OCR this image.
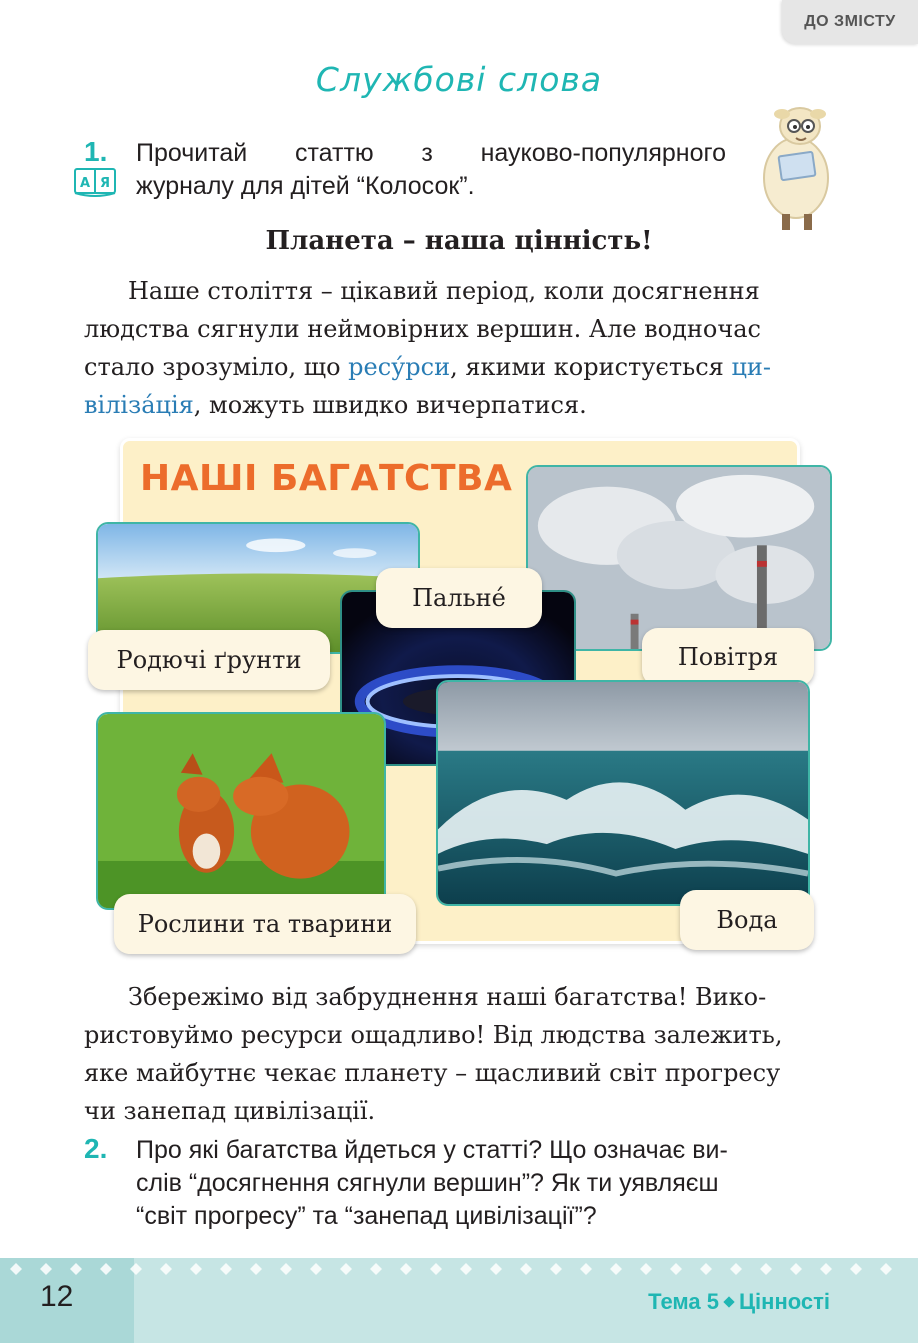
ДО ЗМІСТУ
Службові слова
1.
А Я
Прочитай статтю з науково-популярного
журналу для дітей “Колосок”.
Планета – наша цінність!
Наше століття – цікавий період, коли досягнення
людства сягнули неймовірних вершин. Але водночас
стало зрозуміло, що ресу́рси, якими користується ци-
віліза́ція, можуть швидко вичерпатися.
НАШІ БАГАТСТВА
Родючі ґрунти	Повітря
Пальне́
Рослини та тварини	Вода
Збережімо від забруднення наші багатства! Вико-
ристовуймо ресурси ощадливо! Від людства залежить,
яке майбутнє чекає планету – щасливий світ прогресу
чи занепад цивілізації.
2. Про які багатства йдеться у статті? Що означає ви-
слів “досягнення сягнули вершин”? Як ти уявляєш
“світ прогресу” та “занепад цивілізації”?
12	Тема 5 Цінності
